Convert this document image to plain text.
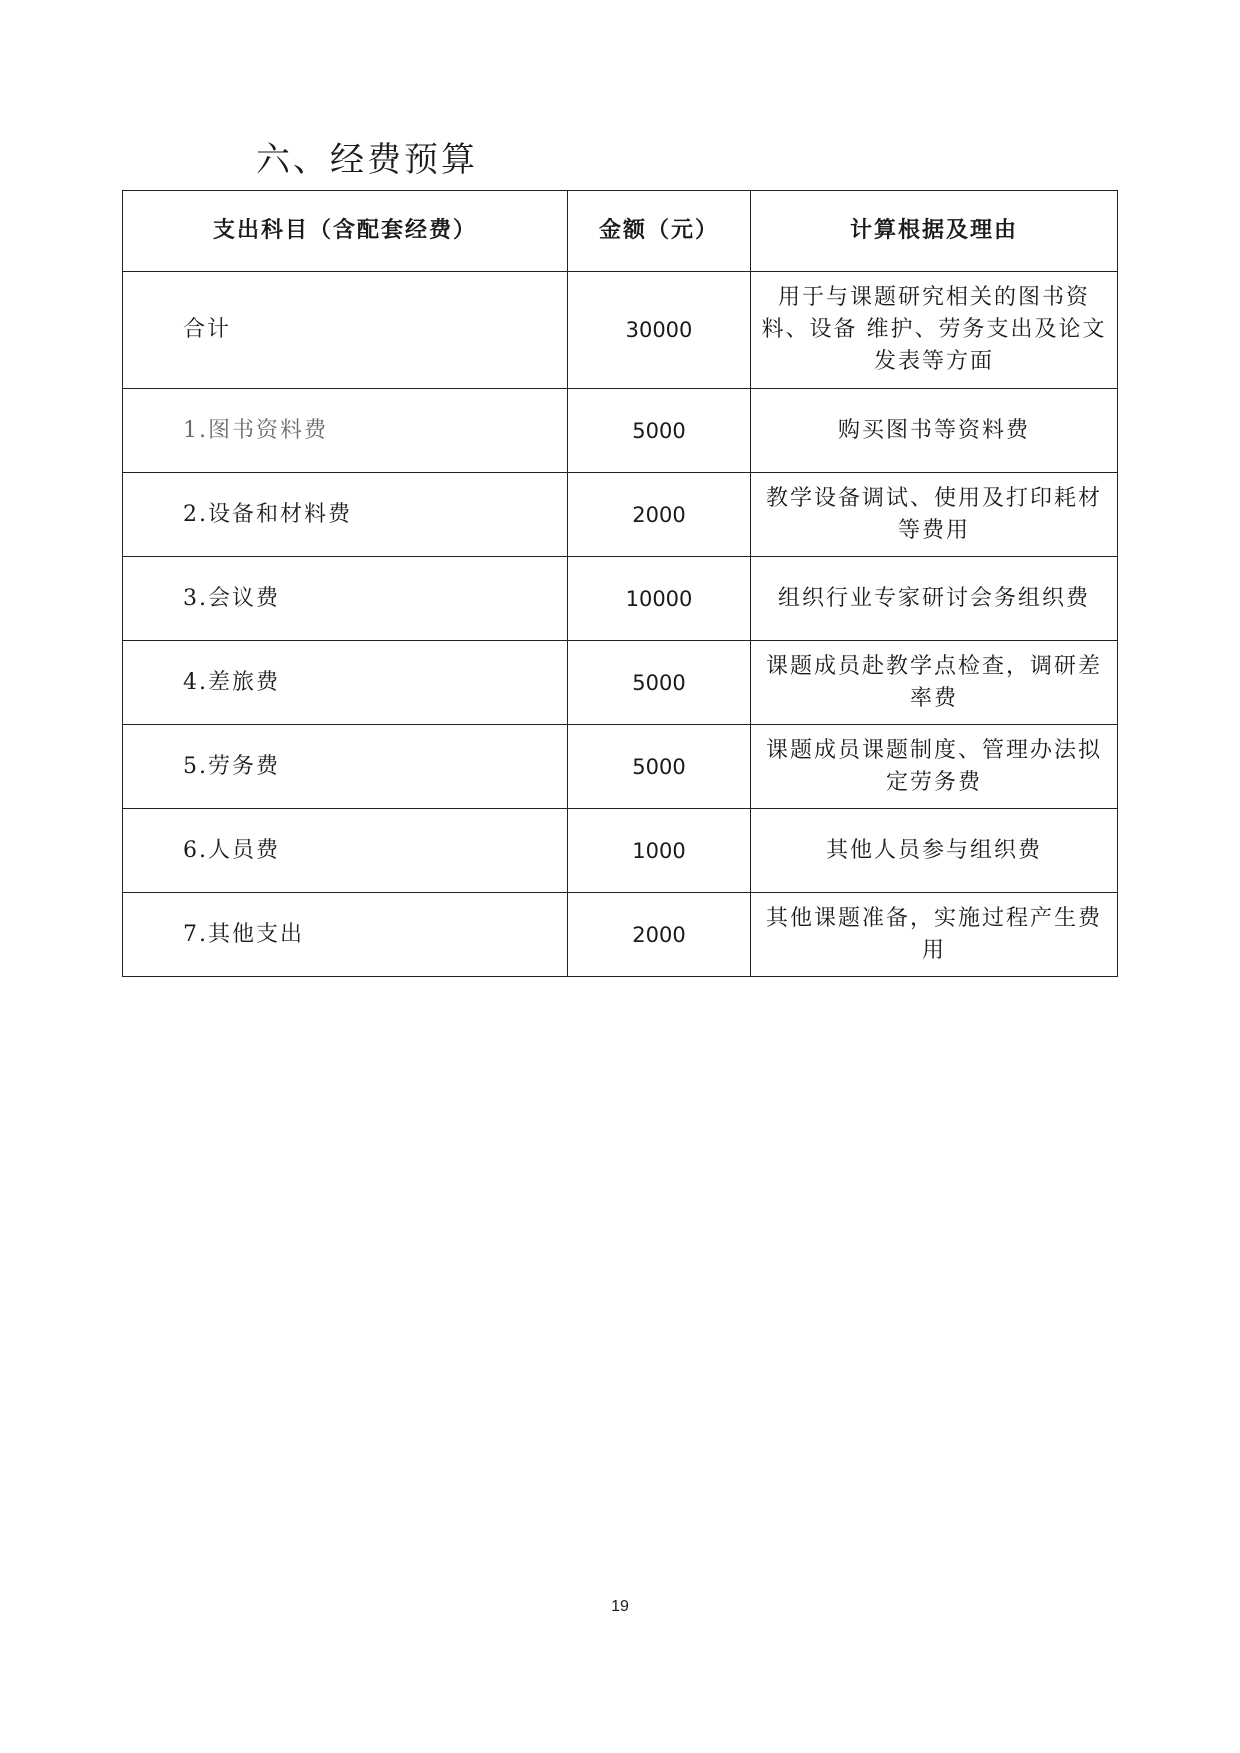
六、经费预算
支出科目（含配套经费）	金额（元）	计算根据及理由
合计	30000	用于与课题研究相关的图书资料、设备 维护、劳务支出及论文发表等方面
1.图书资料费	5000	购买图书等资料费
2.设备和材料费	2000	教学设备调试、使用及打印耗材等费用
3.会议费	10000	组织行业专家研讨会务组织费
4.差旅费	5000	课题成员赴教学点检查，调研差率费
5.劳务费	5000	课题成员课题制度、管理办法拟定劳务费
6.人员费	1000	其他人员参与组织费
7.其他支出	2000	其他课题准备，实施过程产生费用
19
